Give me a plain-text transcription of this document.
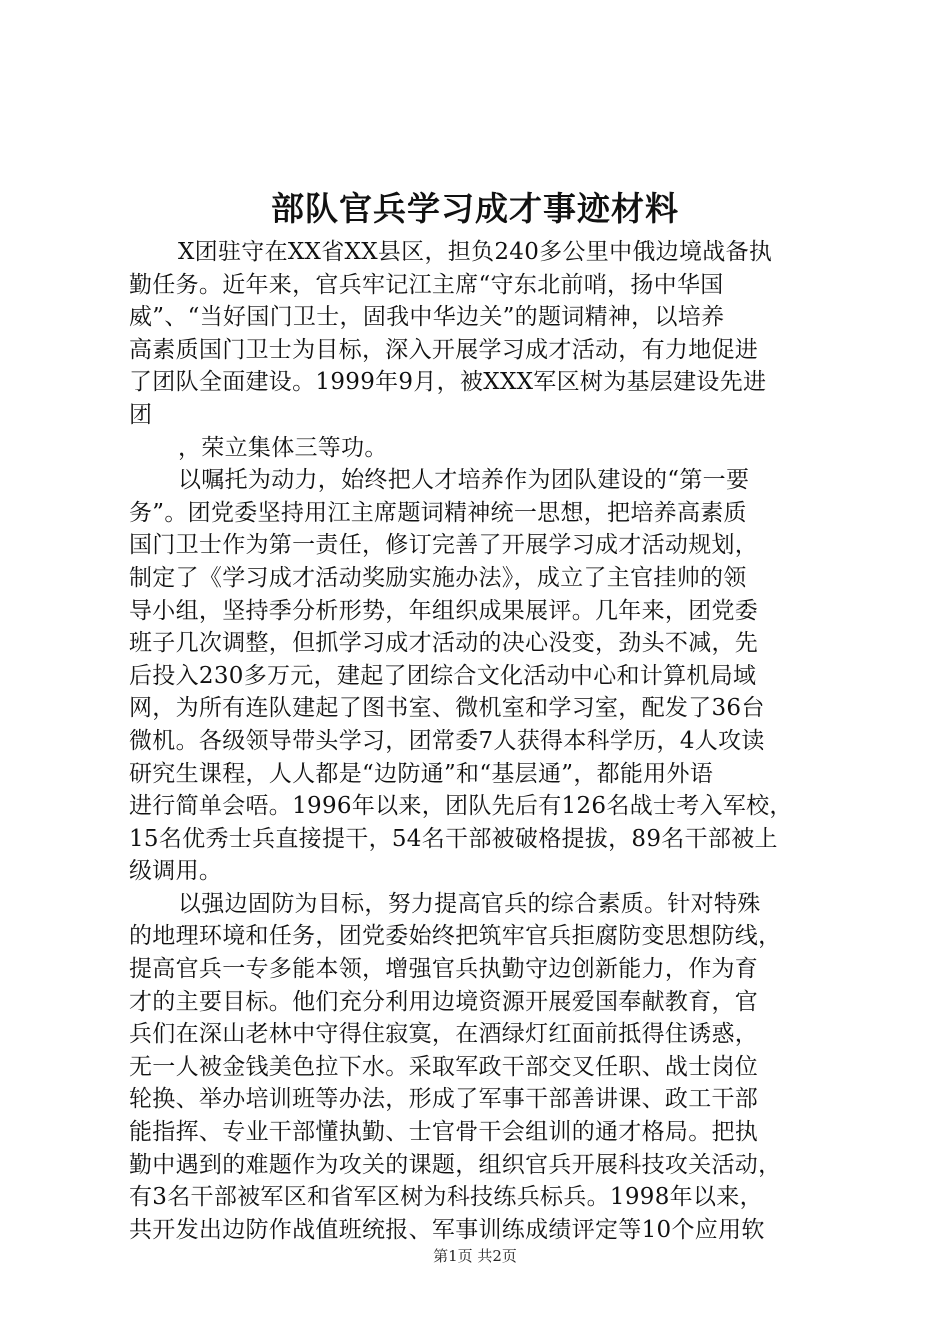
部队官兵学习成才事迹材料
X团驻守在XX省XX县区，担负240多公里中俄边境战备执
勤任务。近年来，官兵牢记江主席“守东北前哨，扬中华国
威”、“当好国门卫士，固我中华边关”的题词精神，以培养
高素质国门卫士为目标，深入开展学习成才活动，有力地促进
了团队全面建设。1999年9月，被XXX军区树为基层建设先进
团
，荣立集体三等功。
以嘱托为动力，始终把人才培养作为团队建设的“第一要
务”。团党委坚持用江主席题词精神统一思想，把培养高素质
国门卫士作为第一责任，修订完善了开展学习成才活动规划，
制定了《学习成才活动奖励实施办法》，成立了主官挂帅的领
导小组，坚持季分析形势，年组织成果展评。几年来，团党委
班子几次调整，但抓学习成才活动的决心没变，劲头不减，先
后投入230多万元，建起了团综合文化活动中心和计算机局域
网，为所有连队建起了图书室、微机室和学习室，配发了36台
微机。各级领导带头学习，团常委7人获得本科学历，4人攻读
研究生课程，人人都是“边防通”和“基层通”，都能用外语
进行简单会唔。1996年以来，团队先后有126名战士考入军校，
15名优秀士兵直接提干，54名干部被破格提拔，89名干部被上
级调用。
以强边固防为目标，努力提高官兵的综合素质。针对特殊
的地理环境和任务，团党委始终把筑牢官兵拒腐防变思想防线，
提高官兵一专多能本领，增强官兵执勤守边创新能力，作为育
才的主要目标。他们充分利用边境资源开展爱国奉献教育，官
兵们在深山老林中守得住寂寞，在酒绿灯红面前抵得住诱惑，
无一人被金钱美色拉下水。采取军政干部交叉任职、战士岗位
轮换、举办培训班等办法，形成了军事干部善讲课、政工干部
能指挥、专业干部懂执勤、士官骨干会组训的通才格局。把执
勤中遇到的难题作为攻关的课题，组织官兵开展科技攻关活动，
有3名干部被军区和省军区树为科技练兵标兵。1998年以来，
共开发出边防作战值班统报、军事训练成绩评定等10个应用软
第1页 共2页
